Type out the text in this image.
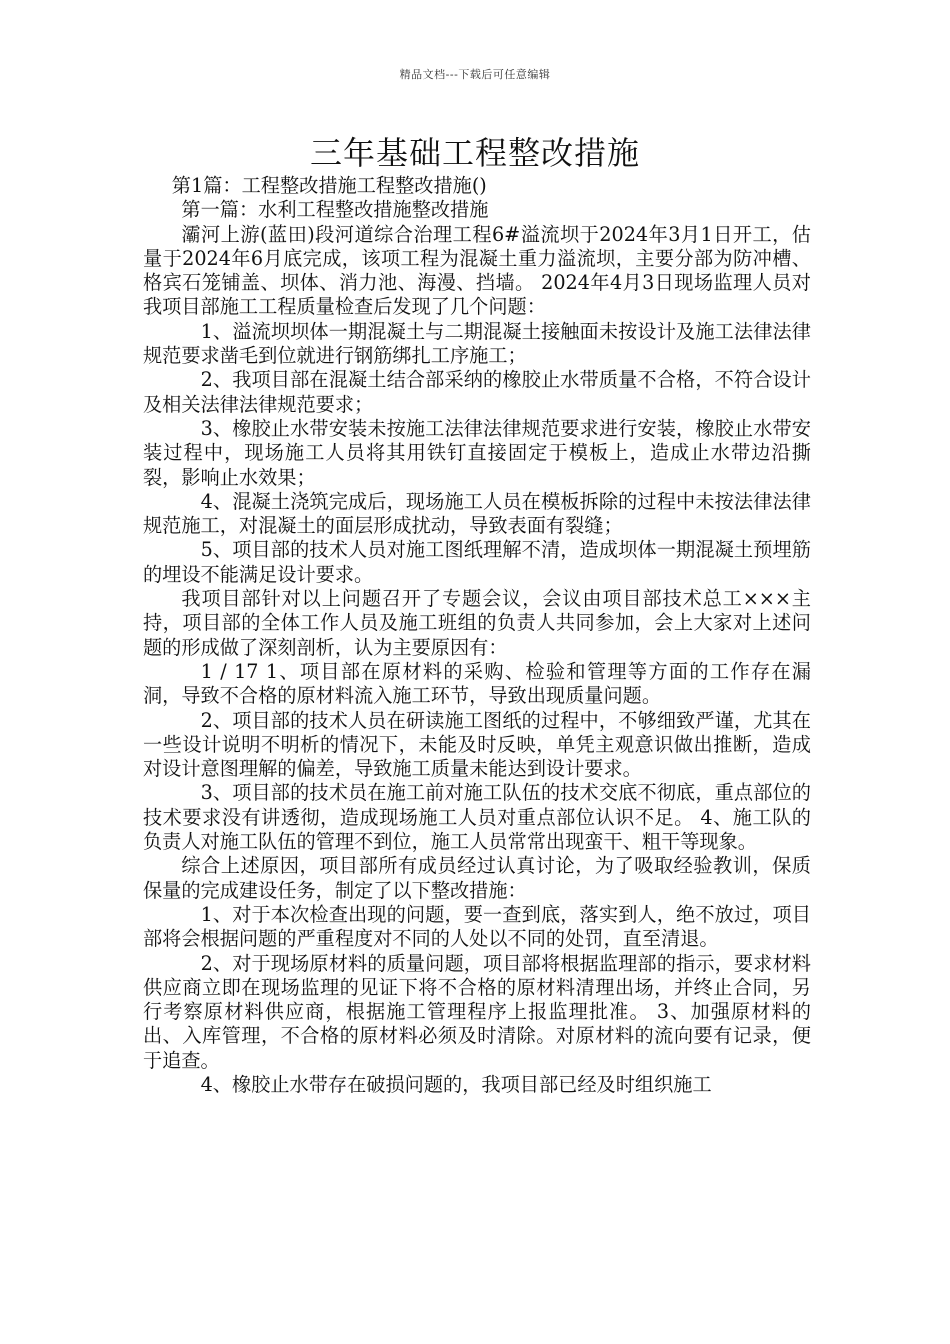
精品文档---下载后可任意编辑
三年基础工程整改措施

第1篇：工程整改措施工程整改措施()

第一篇：水利工程整改措施整改措施

灞河上游(蓝田)段河道综合治理工程6#溢流坝于2024年3月1日开工，估量于2024年6月底完成，该项工程为混凝土重力溢流坝，主要分部为防冲槽、格宾石笼铺盖、坝体、消力池、海漫、挡墙。 2024年4月3日现场监理人员对我项目部施工工程质量检查后发现了几个问题：

1、溢流坝坝体一期混凝土与二期混凝土接触面未按设计及施工法律法律规范要求凿毛到位就进行钢筋绑扎工序施工；

2、我项目部在混凝土结合部采纳的橡胶止水带质量不合格，不符合设计及相关法律法律规范要求；

3、橡胶止水带安装未按施工法律法律规范要求进行安装，橡胶止水带安装过程中，现场施工人员将其用铁钉直接固定于模板上，造成止水带边沿撕裂，影响止水效果；

4、混凝土浇筑完成后，现场施工人员在模板拆除的过程中未按法律法律规范施工，对混凝土的面层形成扰动，导致表面有裂缝；

5、项目部的技术人员对施工图纸理解不清，造成坝体一期混凝土预埋筋的埋设不能满足设计要求。

我项目部针对以上问题召开了专题会议，会议由项目部技术总工×××主持，项目部的全体工作人员及施工班组的负责人共同参加，会上大家对上述问题的形成做了深刻剖析，认为主要原因有：

1 / 17 1、项目部在原材料的采购、检验和管理等方面的工作存在漏洞，导致不合格的原材料流入施工环节，导致出现质量问题。

2、项目部的技术人员在研读施工图纸的过程中，不够细致严谨，尤其在一些设计说明不明析的情况下，未能及时反映，单凭主观意识做出推断，造成对设计意图理解的偏差，导致施工质量未能达到设计要求。

3、项目部的技术员在施工前对施工队伍的技术交底不彻底，重点部位的技术要求没有讲透彻，造成现场施工人员对重点部位认识不足。 4、施工队的负责人对施工队伍的管理不到位，施工人员常常出现蛮干、粗干等现象。

综合上述原因，项目部所有成员经过认真讨论，为了吸取经验教训，保质保量的完成建设任务，制定了以下整改措施：

1、对于本次检查出现的问题，要一查到底，落实到人，绝不放过，项目部将会根据问题的严重程度对不同的人处以不同的处罚，直至清退。

2、对于现场原材料的质量问题，项目部将根据监理部的指示，要求材料供应商立即在现场监理的见证下将不合格的原材料清理出场，并终止合同，另行考察原材料供应商，根据施工管理程序上报监理批准。 3、加强原材料的出、入库管理，不合格的原材料必须及时清除。对原材料的流向要有记录，便于追查。

4、橡胶止水带存在破损问题的，我项目部已经及时组织施工
